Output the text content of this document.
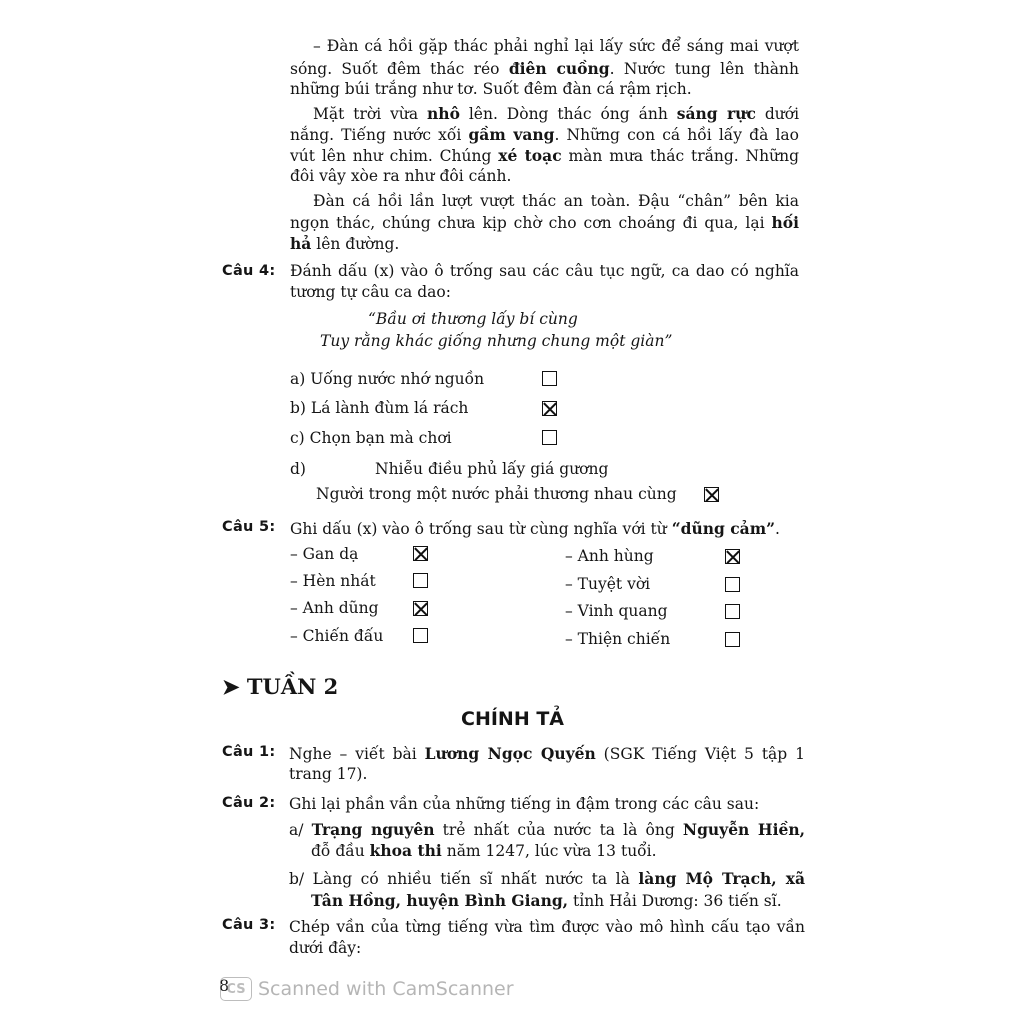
– Đàn cá hồi gặp thác phải nghỉ lại lấy sức để sáng mai vượt
sóng. Suốt đêm thác réo điên cuồng. Nước tung lên thành
những búi trắng như tơ. Suốt đêm đàn cá rậm rịch.
Mặt trời vừa nhô lên. Dòng thác óng ánh sáng rực dưới
nắng. Tiếng nước xối gầm vang. Những con cá hồi lấy đà lao
vút lên như chim. Chúng xé toạc màn mưa thác trắng. Những
đôi vây xòe ra như đôi cánh.
Đàn cá hồi lần lượt vượt thác an toàn. Đậu “chân” bên kia
ngọn thác, chúng chưa kịp chờ cho cơn choáng đi qua, lại hối
hả lên đường.
Câu 4: Đánh dấu (x) vào ô trống sau các câu tục ngữ, ca dao có nghĩa
tương tự câu ca dao:
“Bầu ơi thương lấy bí cùng
Tuy rằng khác giống nhưng chung một giàn”
a) Uống nước nhớ nguồn
b) Lá lành đùm lá rách
c) Chọn bạn mà chơi
d)	Nhiễu điều phủ lấy giá gương
Người trong một nước phải thương nhau cùng
Câu 5: Ghi dấu (x) vào ô trống sau từ cùng nghĩa với từ “dũng cảm”.
– Gan dạ
– Hèn nhát
– Anh dũng
– Chiến đấu
– Anh hùng
– Tuyệt vời
– Vinh quang
– Thiện chiến
➤ TUẦN 2
CHÍNH TẢ
Câu 1: Nghe – viết bài Lương Ngọc Quyến (SGK Tiếng Việt 5 tập 1
trang 17).
Câu 2: Ghi lại phần vần của những tiếng in đậm trong các câu sau:
a/ Trạng nguyên trẻ nhất của nước ta là ông Nguyễn Hiền,
đỗ đầu khoa thi năm 1247, lúc vừa 13 tuổi.
b/ Làng có nhiều tiến sĩ nhất nước ta là làng Mộ Trạch, xã
Tân Hồng, huyện Bình Giang, tỉnh Hải Dương: 36 tiến sĩ.
Câu 3: Chép vần của từng tiếng vừa tìm được vào mô hình cấu tạo vần
dưới đây:
8
CS Scanned with CamScanner
